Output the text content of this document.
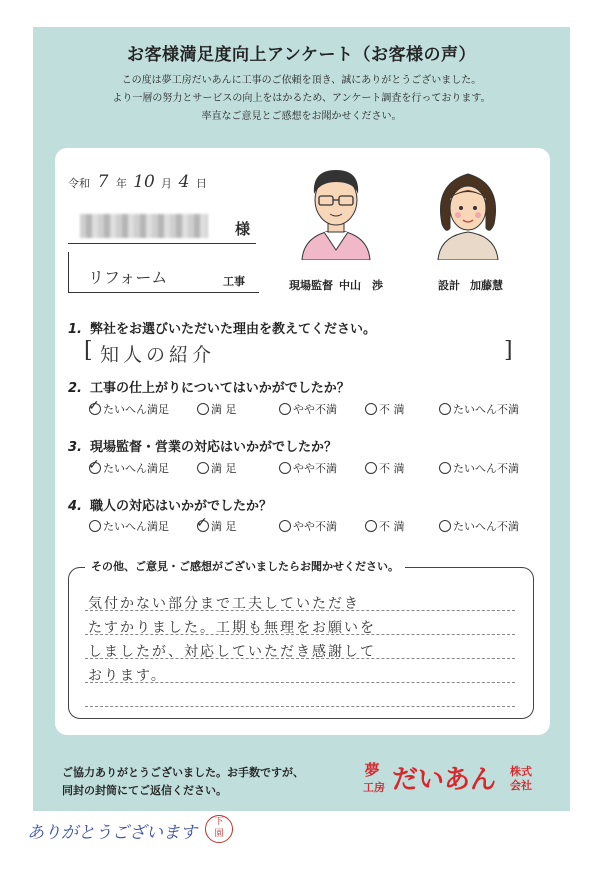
お客様満足度向上アンケート（お客様の声）
この度は夢工房だいあんに工事のご依頼を頂き、誠にありがとうございました。
より一層の努力とサービスの向上をはかるため、アンケート調査を行っております。
率直なご意見とご感想をお聞かせください。
令和 7 年 10 月 4 日
様
リフォーム	工事	現場監督 中山　渉	設計 加藤慧
1. 弊社をお選びいただいた理由を教えてください。
[ 知人の紹介	]
2. 工事の仕上がりについてはいかがでしたか？
✓ たいへん満足	満 足	やや不満	不 満	たいへん不満
3. 現場監督・営業の対応はいかがでしたか？
✓ たいへん満足	満 足	やや不満	不 満	たいへん不満
4. 職人の対応はいかがでしたか？
たいへん満足 ✓ 満 足	やや不満	不 満	たいへん不満
その他、ご意見・ご感想がございましたらお聞かせください。
気付かない部分まで工夫していただき
たすかりました。工期も無理をお願いを
しましたが、対応していただき感謝して
おります。
ご協力ありがとうございました。お手数ですが、
同封の封筒にてご返信ください。
夢
工房 だいあん 株式
会社
ありがとうございます
下
園
